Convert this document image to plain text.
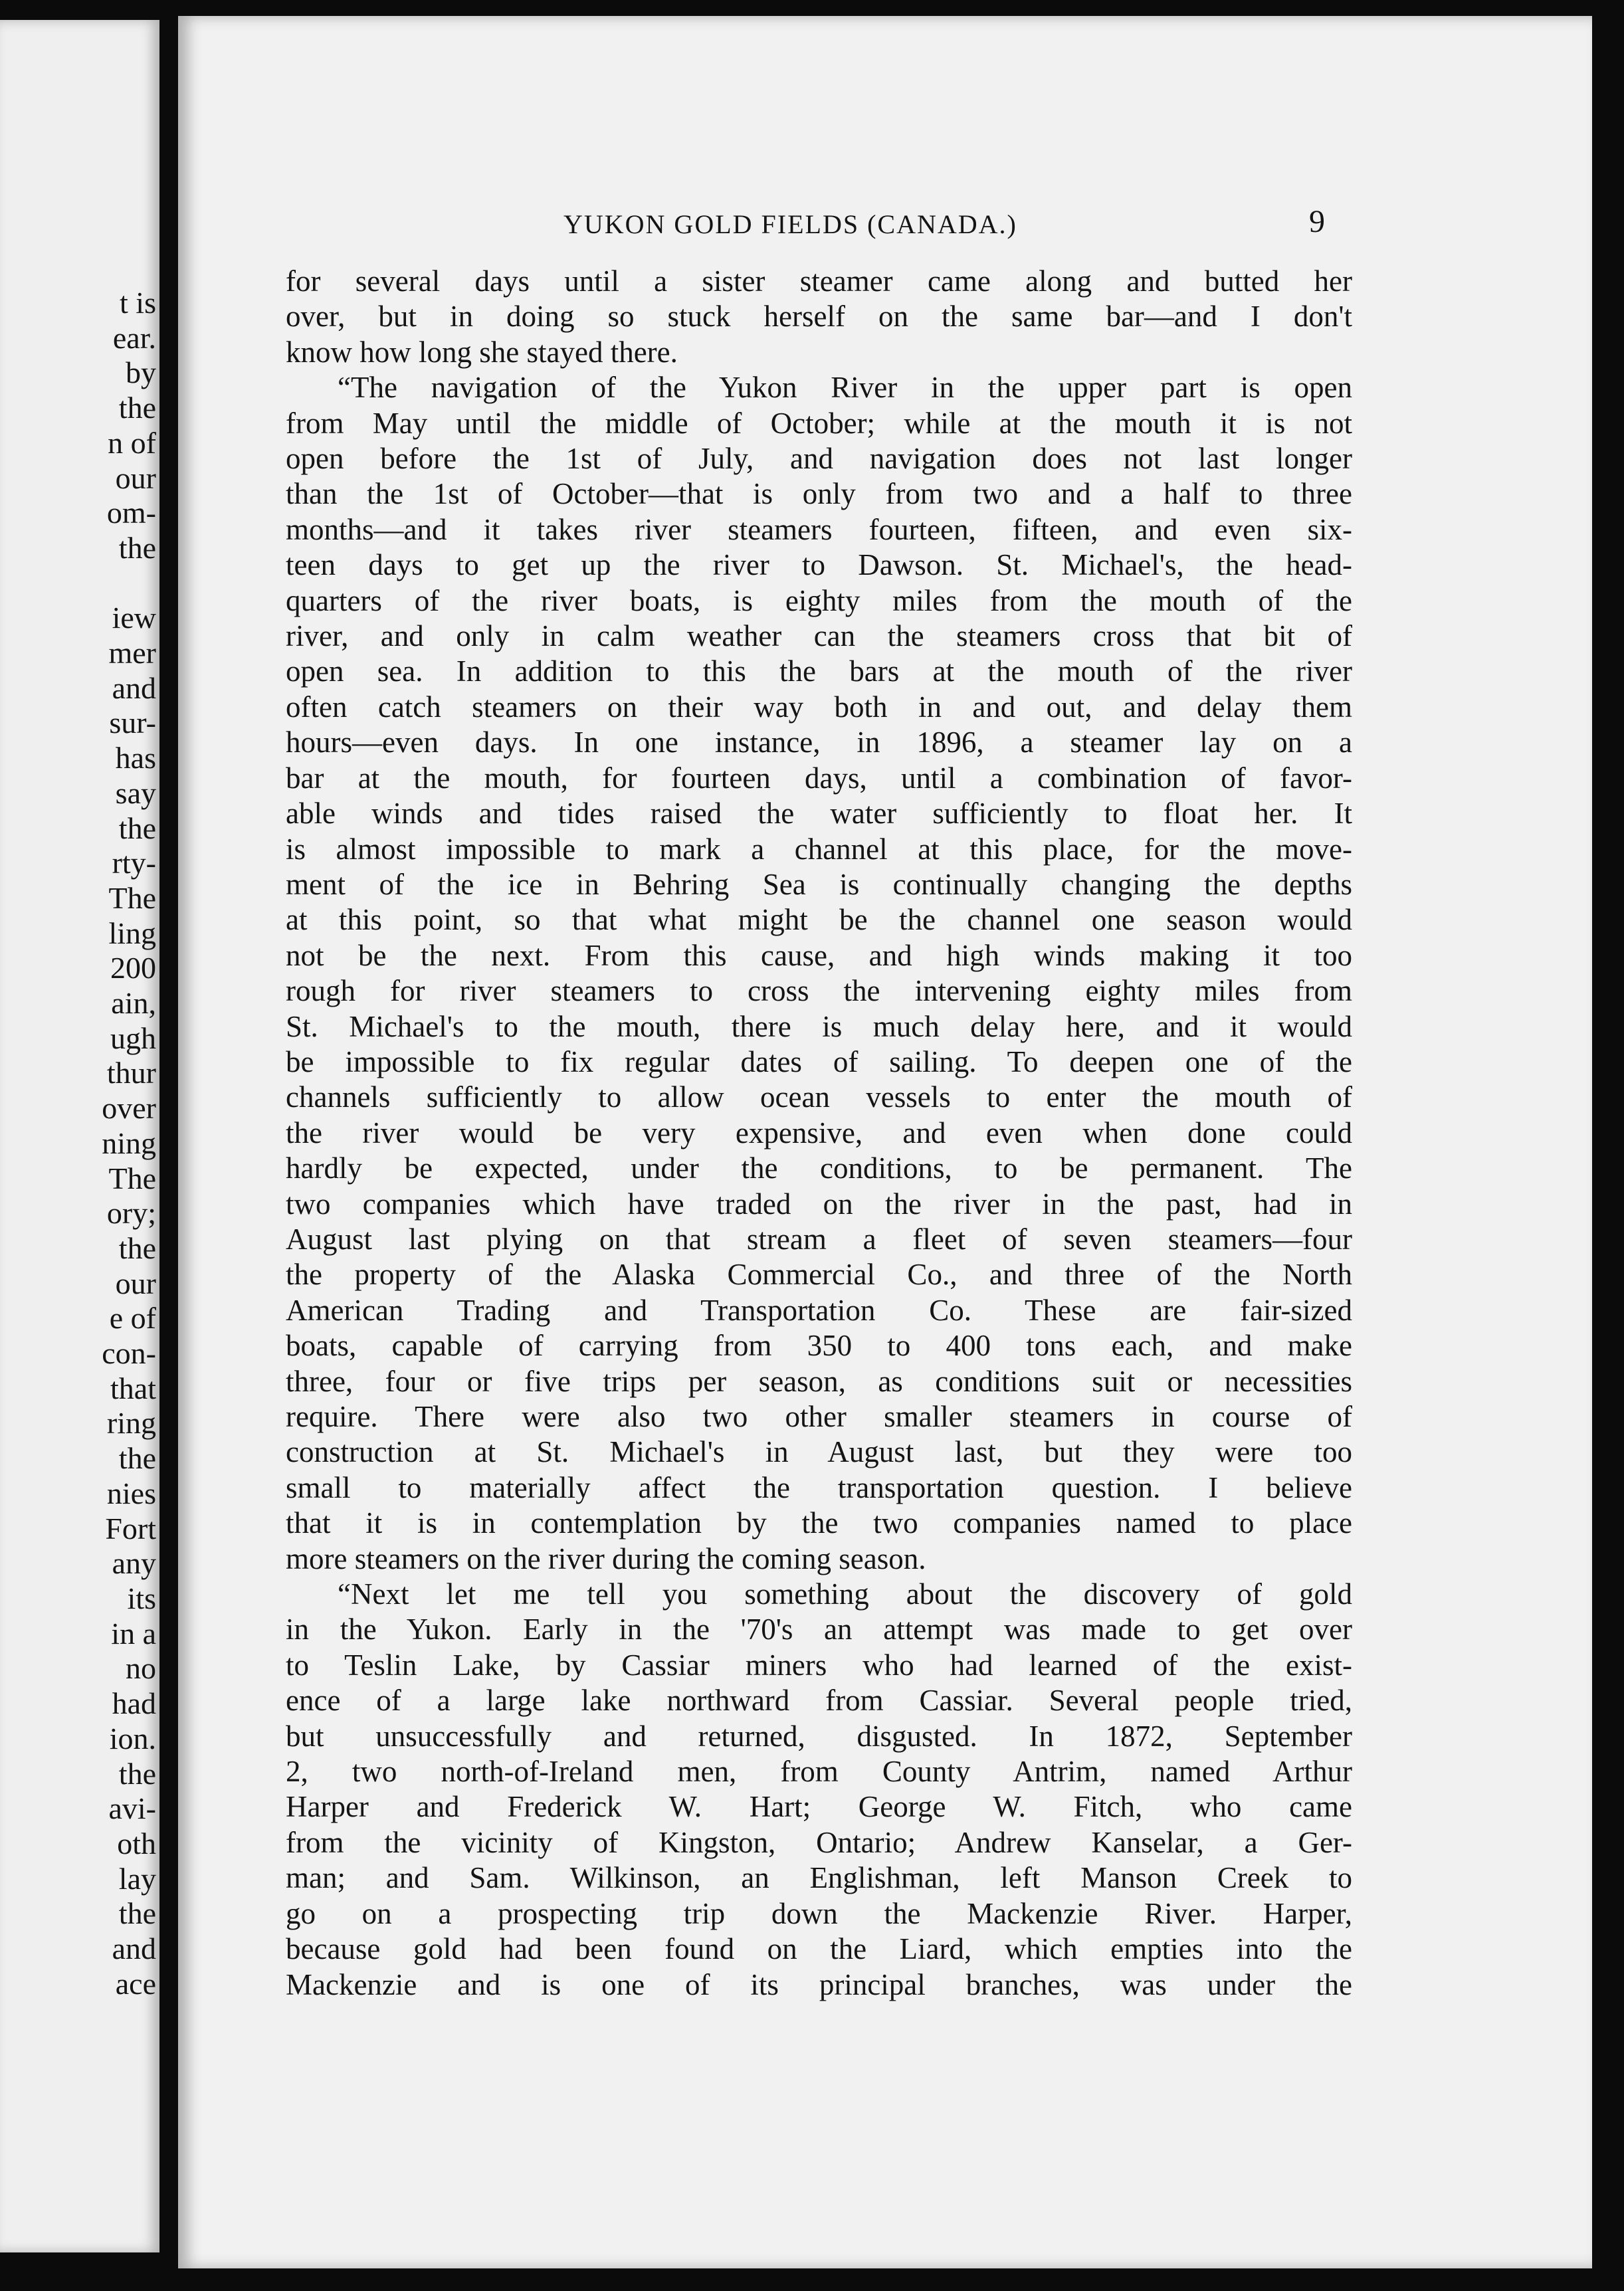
t is
ear.
by
the
n of
our
om-
the
iew
mer
and
sur-
has
say
the
rty-
The
ling
200
ain,
ugh
thur
over
ning
The
ory;
the
our
e of
con-
that
ring
the
nies
Fort
any
its
in a
no
had
ion.
the
avi-
oth
lay
the
and
ace
YUKON GOLD FIELDS (CANADA.)	9
for several days until a sister steamer came along and butted her
over, but in doing so stuck herself on the same bar—and I don't
know how long she stayed there.
“The navigation of the Yukon River in the upper part is open
from May until the middle of October; while at the mouth it is not
open before the 1st of July, and navigation does not last longer
than the 1st of October—that is only from two and a half to three
months—and it takes river steamers fourteen, fifteen, and even six-
teen days to get up the river to Dawson. St. Michael's, the head-
quarters of the river boats, is eighty miles from the mouth of the
river, and only in calm weather can the steamers cross that bit of
open sea. In addition to this the bars at the mouth of the river
often catch steamers on their way both in and out, and delay them
hours—even days. In one instance, in 1896, a steamer lay on a
bar at the mouth, for fourteen days, until a combination of favor-
able winds and tides raised the water sufficiently to float her. It
is almost impossible to mark a channel at this place, for the move-
ment of the ice in Behring Sea is continually changing the depths
at this point, so that what might be the channel one season would
not be the next. From this cause, and high winds making it too
rough for river steamers to cross the intervening eighty miles from
St. Michael's to the mouth, there is much delay here, and it would
be impossible to fix regular dates of sailing. To deepen one of the
channels sufficiently to allow ocean vessels to enter the mouth of
the river would be very expensive, and even when done could
hardly be expected, under the conditions, to be permanent. The
two companies which have traded on the river in the past, had in
August last plying on that stream a fleet of seven steamers—four
the property of the Alaska Commercial Co., and three of the North
American Trading and Transportation Co. These are fair-sized
boats, capable of carrying from 350 to 400 tons each, and make
three, four or five trips per season, as conditions suit or necessities
require. There were also two other smaller steamers in course of
construction at St. Michael's in August last, but they were too
small to materially affect the transportation question. I believe
that it is in contemplation by the two companies named to place
more steamers on the river during the coming season.
“Next let me tell you something about the discovery of gold
in the Yukon. Early in the '70's an attempt was made to get over
to Teslin Lake, by Cassiar miners who had learned of the exist-
ence of a large lake northward from Cassiar. Several people tried,
but unsuccessfully and returned, disgusted. In 1872, September
2, two north-of-Ireland men, from County Antrim, named Arthur
Harper and Frederick W. Hart; George W. Fitch, who came
from the vicinity of Kingston, Ontario; Andrew Kanselar, a Ger-
man; and Sam. Wilkinson, an Englishman, left Manson Creek to
go on a prospecting trip down the Mackenzie River. Harper,
because gold had been found on the Liard, which empties into the
Mackenzie and is one of its principal branches, was under the
